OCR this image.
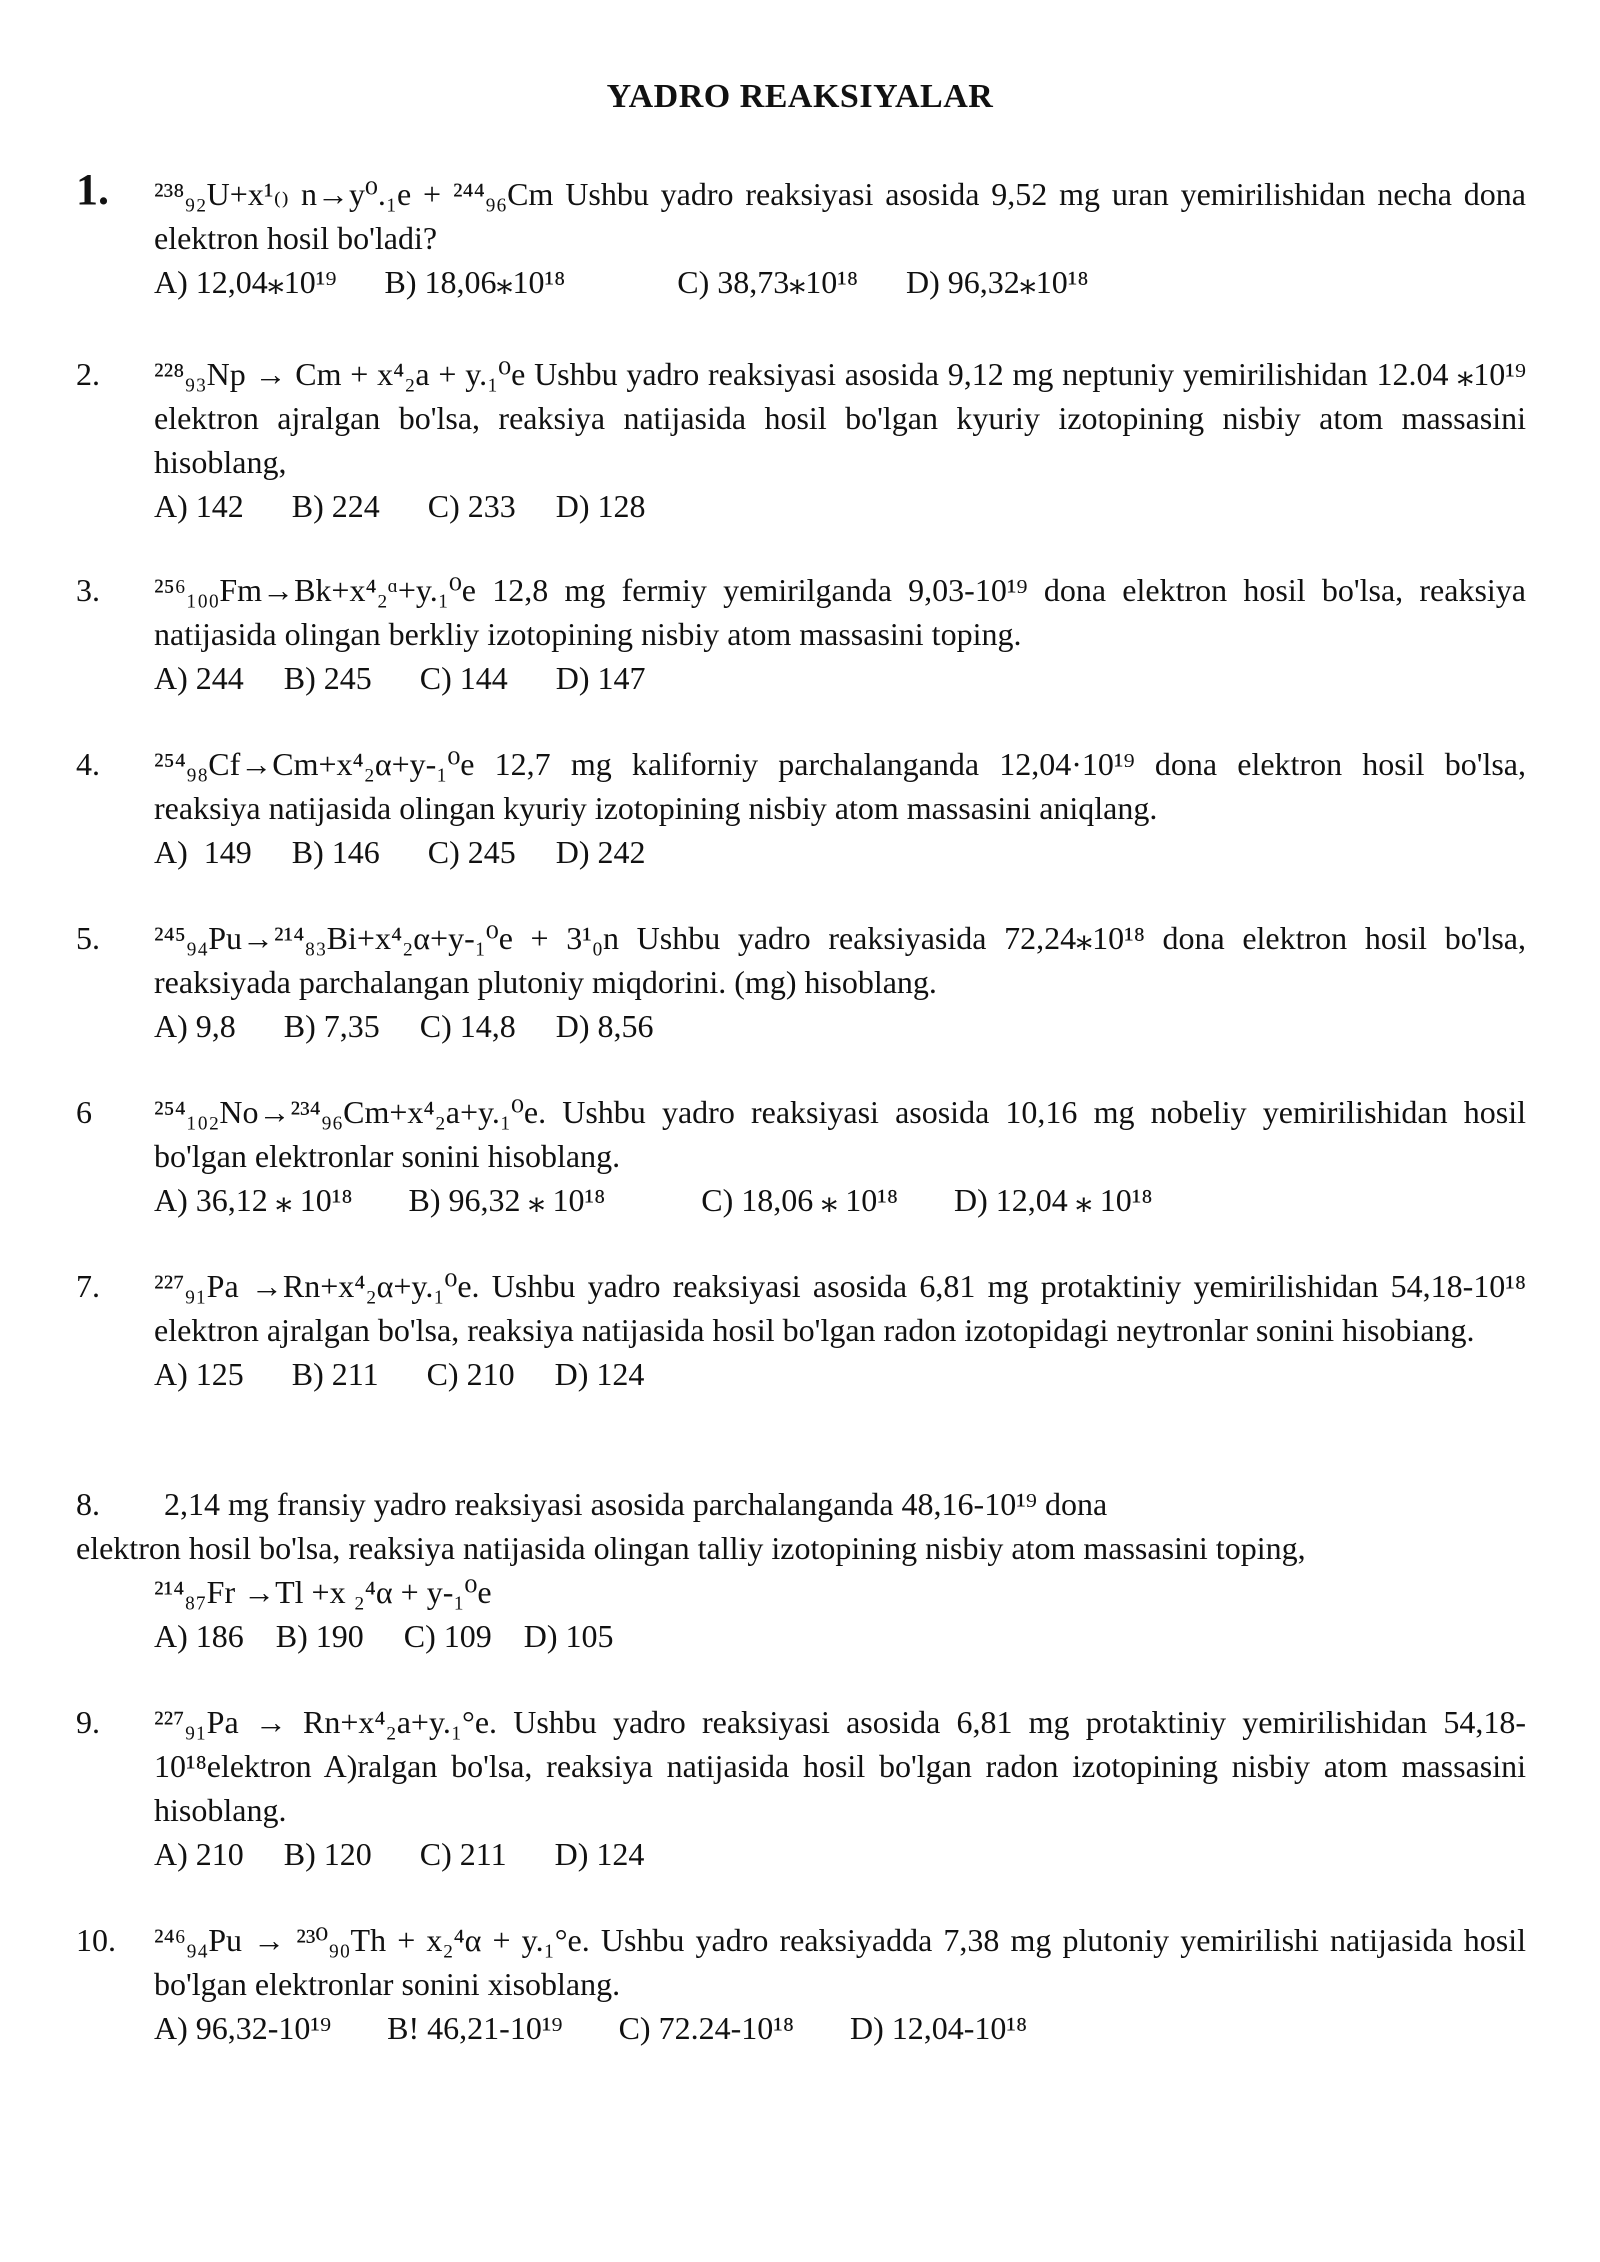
YADRO REAKSIYALAR
1. ²³⁸₉₂U+x¹₍₎ n→y⁰.₁e + ²⁴⁴₉₆Cm Ushbu yadro reaksiyasi asosida 9,52 mg uran yemirilishidan necha dona elektron hosil bo'ladi?
A) 12,04⁎10¹⁹      B) 18,06⁎10¹⁸              C) 38,73⁎10¹⁸      D) 96,32⁎10¹⁸
2. ²²⁸₉₃Np → Cm + x⁴₂a + y.₁⁰e Ushbu yadro reaksiyasi asosida 9,12 mg neptuniy yemirilishidan 12.04 ⁎10¹⁹ elektron ajralgan bo'lsa, reaksiya natijasida hosil bo'lgan kyuriy izotopining nisbiy atom massasini hisoblang,
A) 142      B) 224      C) 233     D) 128
3. ²⁵⁶₁₀₀Fm→Bk+x⁴₂ᵅ+y.₁⁰e 12,8 mg fermiy yemirilganda 9,03-10¹⁹ dona elektron hosil bo'lsa, reaksiya natijasida olingan berkliy izotopining nisbiy atom massasini toping.
A) 244     B) 245      C) 144      D) 147
4. ²⁵⁴₉₈Cf→Cm+x⁴₂α+y-₁⁰e 12,7 mg kaliforniy parchalanganda 12,04·10¹⁹ dona elektron hosil bo'lsa, reaksiya natijasida olingan kyuriy izotopining nisbiy atom massasini aniqlang.
A)  149     B) 146      C) 245     D) 242
5. ²⁴⁵₉₄Pu→²¹⁴₈₃Bi+x⁴₂α+y-₁⁰e + 3¹₀n Ushbu yadro reaksiyasida 72,24⁎10¹⁸ dona elektron hosil bo'lsa, reaksiyada parchalangan plutoniy miqdorini. (mg) hisoblang.
A) 9,8      B) 7,35     C) 14,8     D) 8,56
6 ²⁵⁴₁₀₂No→²³⁴₉₆Cm+x⁴₂a+y.₁⁰e. Ushbu yadro reaksiyasi asosida 10,16 mg nobeliy yemirilishidan hosil bo'lgan elektronlar sonini hisoblang.
A) 36,12 ⁎ 10¹⁸       B) 96,32 ⁎ 10¹⁸            C) 18,06 ⁎ 10¹⁸       D) 12,04 ⁎ 10¹⁸
7. ²²⁷₉₁Pa →Rn+x⁴₂α+y.₁⁰e. Ushbu yadro reaksiyasi asosida 6,81 mg protaktiniy yemirilishidan 54,18-10¹⁸ elektron ajralgan bo'lsa, reaksiya natijasida hosil bo'lgan radon izotopidagi neytronlar sonini hisobiang.
A) 125      B) 211      C) 210     D) 124
8. 2,14 mg fransiy yadro reaksiyasi asosida parchalanganda 48,16-10¹⁹ dona
elektron hosil bo'lsa, reaksiya natijasida olingan talliy izotopining nisbiy atom massasini toping,
²¹⁴₈₇Fr →Tl +x ₂⁴α + y-₁⁰e
A) 186    B) 190     C) 109    D) 105
9. ²²⁷₉₁Pa → Rn+x⁴₂a+y.₁°e. Ushbu yadro reaksiyasi asosida 6,81 mg protaktiniy yemirilishidan 54,18-10¹⁸elektron A)ralgan bo'lsa, reaksiya natijasida hosil bo'lgan radon izotopining nisbiy atom massasini hisoblang.
A) 210     B) 120      C) 211      D) 124
10. ²⁴⁶₉₄Pu → ²³⁰₉₀Th + x₂⁴α + y.₁°e. Ushbu yadro reaksiyadda 7,38 mg plutoniy yemirilishi natijasida hosil bo'lgan elektronlar sonini xisoblang.
A) 96,32-10¹⁹       B! 46,21-10¹⁹       C) 72.24-10¹⁸       D) 12,04-10¹⁸
